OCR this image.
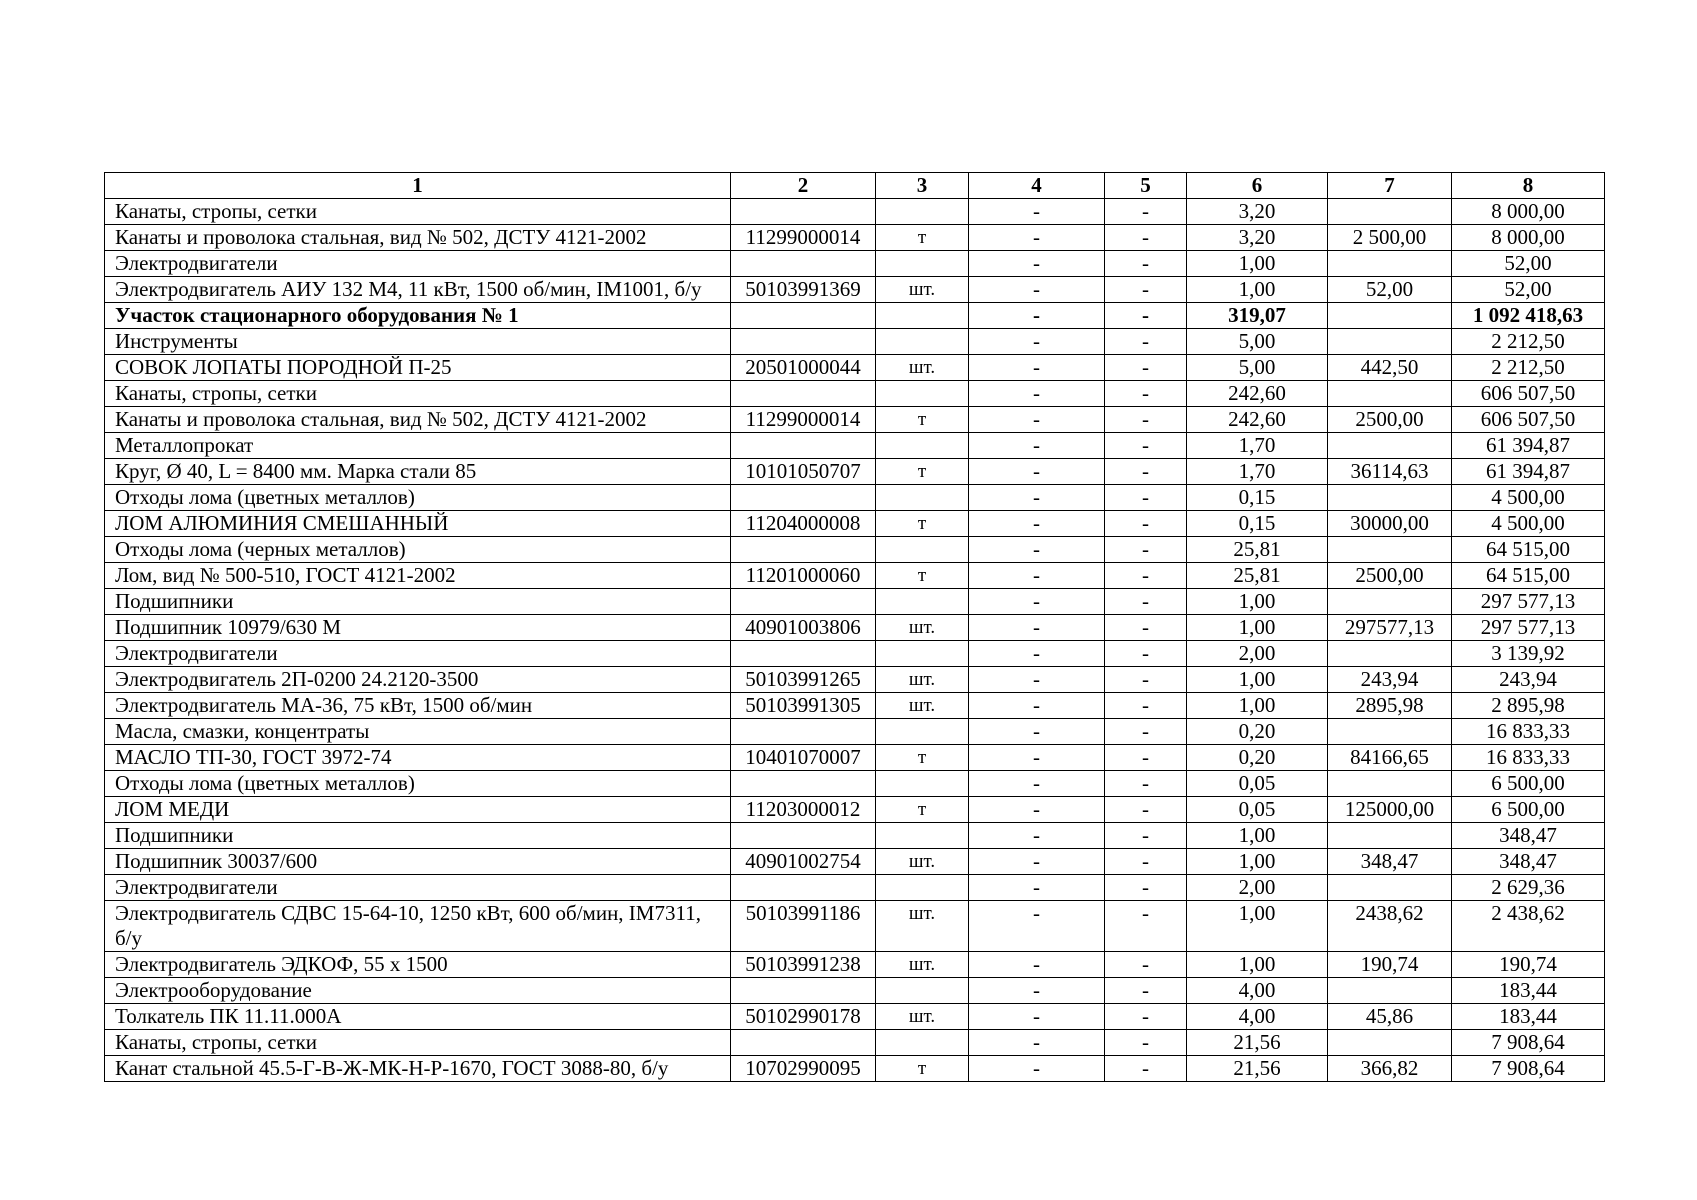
1	2	3	4	5	6	7	8
Канаты, стропы, сетки			-	-	3,20		8 000,00
Канаты и проволока стальная, вид № 502, ДСТУ 4121-2002	11299000014	т	-	-	3,20	2 500,00	8 000,00
Электродвигатели			-	-	1,00		52,00
Электродвигатель АИУ 132 М4, 11 кВт, 1500 об/мин, IM1001, б/у	50103991369	шт.	-	-	1,00	52,00	52,00
Участок стационарного оборудования № 1			-	-	319,07		1 092 418,63
Инструменты			-	-	5,00		2 212,50
СОВОК ЛОПАТЫ ПОРОДНОЙ П-25	20501000044	шт.	-	-	5,00	442,50	2 212,50
Канаты, стропы, сетки			-	-	242,60		606 507,50
Канаты и проволока стальная, вид № 502, ДСТУ 4121-2002	11299000014	т	-	-	242,60	2500,00	606 507,50
Металлопрокат			-	-	1,70		61 394,87
Круг, Ø 40, L = 8400 мм. Марка стали 85	10101050707	т	-	-	1,70	36114,63	61 394,87
Отходы лома (цветных металлов)			-	-	0,15		4 500,00
ЛОМ АЛЮМИНИЯ СМЕШАННЫЙ	11204000008	т	-	-	0,15	30000,00	4 500,00
Отходы лома (черных металлов)			-	-	25,81		64 515,00
Лом, вид № 500-510, ГОСТ 4121-2002	11201000060	т	-	-	25,81	2500,00	64 515,00
Подшипники			-	-	1,00		297 577,13
Подшипник 10979/630 М	40901003806	шт.	-	-	1,00	297577,13	297 577,13
Электродвигатели			-	-	2,00		3 139,92
Электродвигатель 2П-0200 24.2120-3500	50103991265	шт.	-	-	1,00	243,94	243,94
Электродвигатель МА-36, 75 кВт, 1500 об/мин	50103991305	шт.	-	-	1,00	2895,98	2 895,98
Масла, смазки, концентраты			-	-	0,20		16 833,33
МАСЛО ТП-30, ГОСТ 3972-74	10401070007	т	-	-	0,20	84166,65	16 833,33
Отходы лома (цветных металлов)			-	-	0,05		6 500,00
ЛОМ МЕДИ	11203000012	т	-	-	0,05	125000,00	6 500,00
Подшипники			-	-	1,00		348,47
Подшипник 30037/600	40901002754	шт.	-	-	1,00	348,47	348,47
Электродвигатели			-	-	2,00		2 629,36
Электродвигатель СДВС 15-64-10, 1250 кВт, 600 об/мин, IM7311, б/у	50103991186	шт.	-	-	1,00	2438,62	2 438,62
Электродвигатель ЭДКОФ, 55 х 1500	50103991238	шт.	-	-	1,00	190,74	190,74
Электрооборудование			-	-	4,00		183,44
Толкатель ПК 11.11.000А	50102990178	шт.	-	-	4,00	45,86	183,44
Канаты, стропы, сетки			-	-	21,56		7 908,64
Канат стальной 45.5-Г-В-Ж-МК-Н-Р-1670, ГОСТ 3088-80, б/у	10702990095	т	-	-	21,56	366,82	7 908,64
